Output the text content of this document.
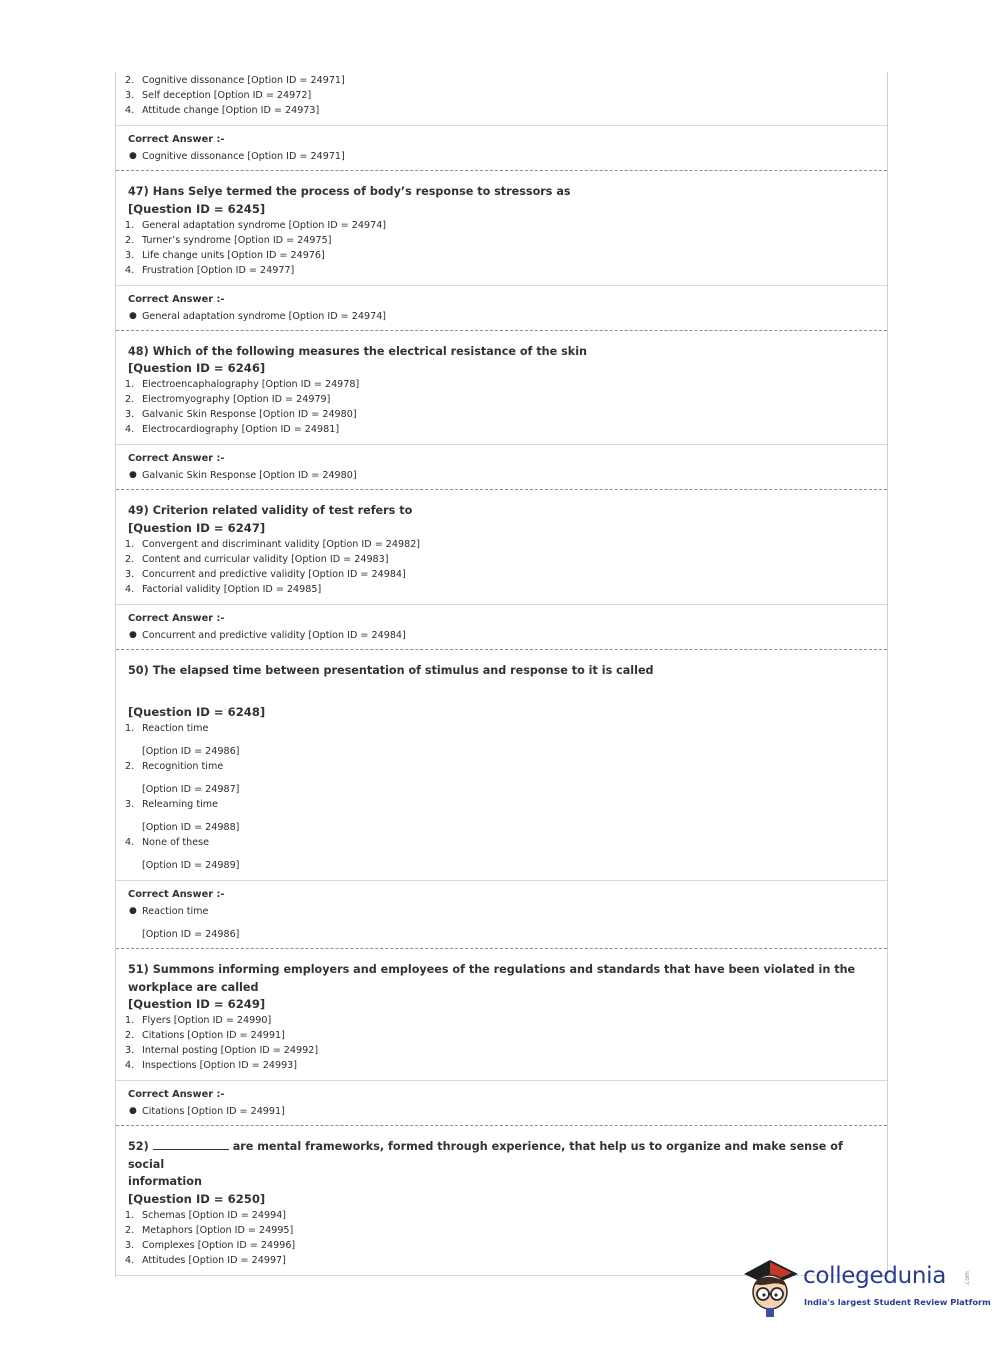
2. Cognitive dissonance [Option ID = 24971]
3. Self deception [Option ID = 24972]
4. Attitude change [Option ID = 24973]
Correct Answer :-
● Cognitive dissonance [Option ID = 24971]
47) Hans Selye termed the process of body’s response to stressors as
[Question ID = 6245]
1. General adaptation syndrome [Option ID = 24974]
2. Turner’s syndrome [Option ID = 24975]
3. Life change units [Option ID = 24976]
4. Frustration [Option ID = 24977]
Correct Answer :-
● General adaptation syndrome [Option ID = 24974]
48) Which of the following measures the electrical resistance of the skin
[Question ID = 6246]
1. Electroencaphalography [Option ID = 24978]
2. Electromyography [Option ID = 24979]
3. Galvanic Skin Response [Option ID = 24980]
4. Electrocardiography [Option ID = 24981]
Correct Answer :-
● Galvanic Skin Response [Option ID = 24980]
49) Criterion related validity of test refers to
[Question ID = 6247]
1. Convergent and discriminant validity [Option ID = 24982]
2. Content and curricular validity [Option ID = 24983]
3. Concurrent and predictive validity [Option ID = 24984]
4. Factorial validity [Option ID = 24985]
Correct Answer :-
● Concurrent and predictive validity [Option ID = 24984]
50) The elapsed time between presentation of stimulus and response to it is called
[Question ID = 6248]
1. Reaction time
[Option ID = 24986]
2. Recognition time
[Option ID = 24987]
3. Relearning time
[Option ID = 24988]
4. None of these
[Option ID = 24989]
Correct Answer :-
● Reaction time
[Option ID = 24986]
51) Summons informing employers and employees of the regulations and standards that have been violated in the
workplace are called
[Question ID = 6249]
1. Flyers [Option ID = 24990]
2. Citations [Option ID = 24991]
3. Internal posting [Option ID = 24992]
4. Inspections [Option ID = 24993]
Correct Answer :-
● Citations [Option ID = 24991]
52)	are mental frameworks, formed through experience, that help us to organize and make sense of social
information
[Question ID = 6250]
1. Schemas [Option ID = 24994]
2. Metaphors [Option ID = 24995]
3. Complexes [Option ID = 24996]
4. Attitudes [Option ID = 24997]
collegedunia	.com
India's largest Student Review Platform
